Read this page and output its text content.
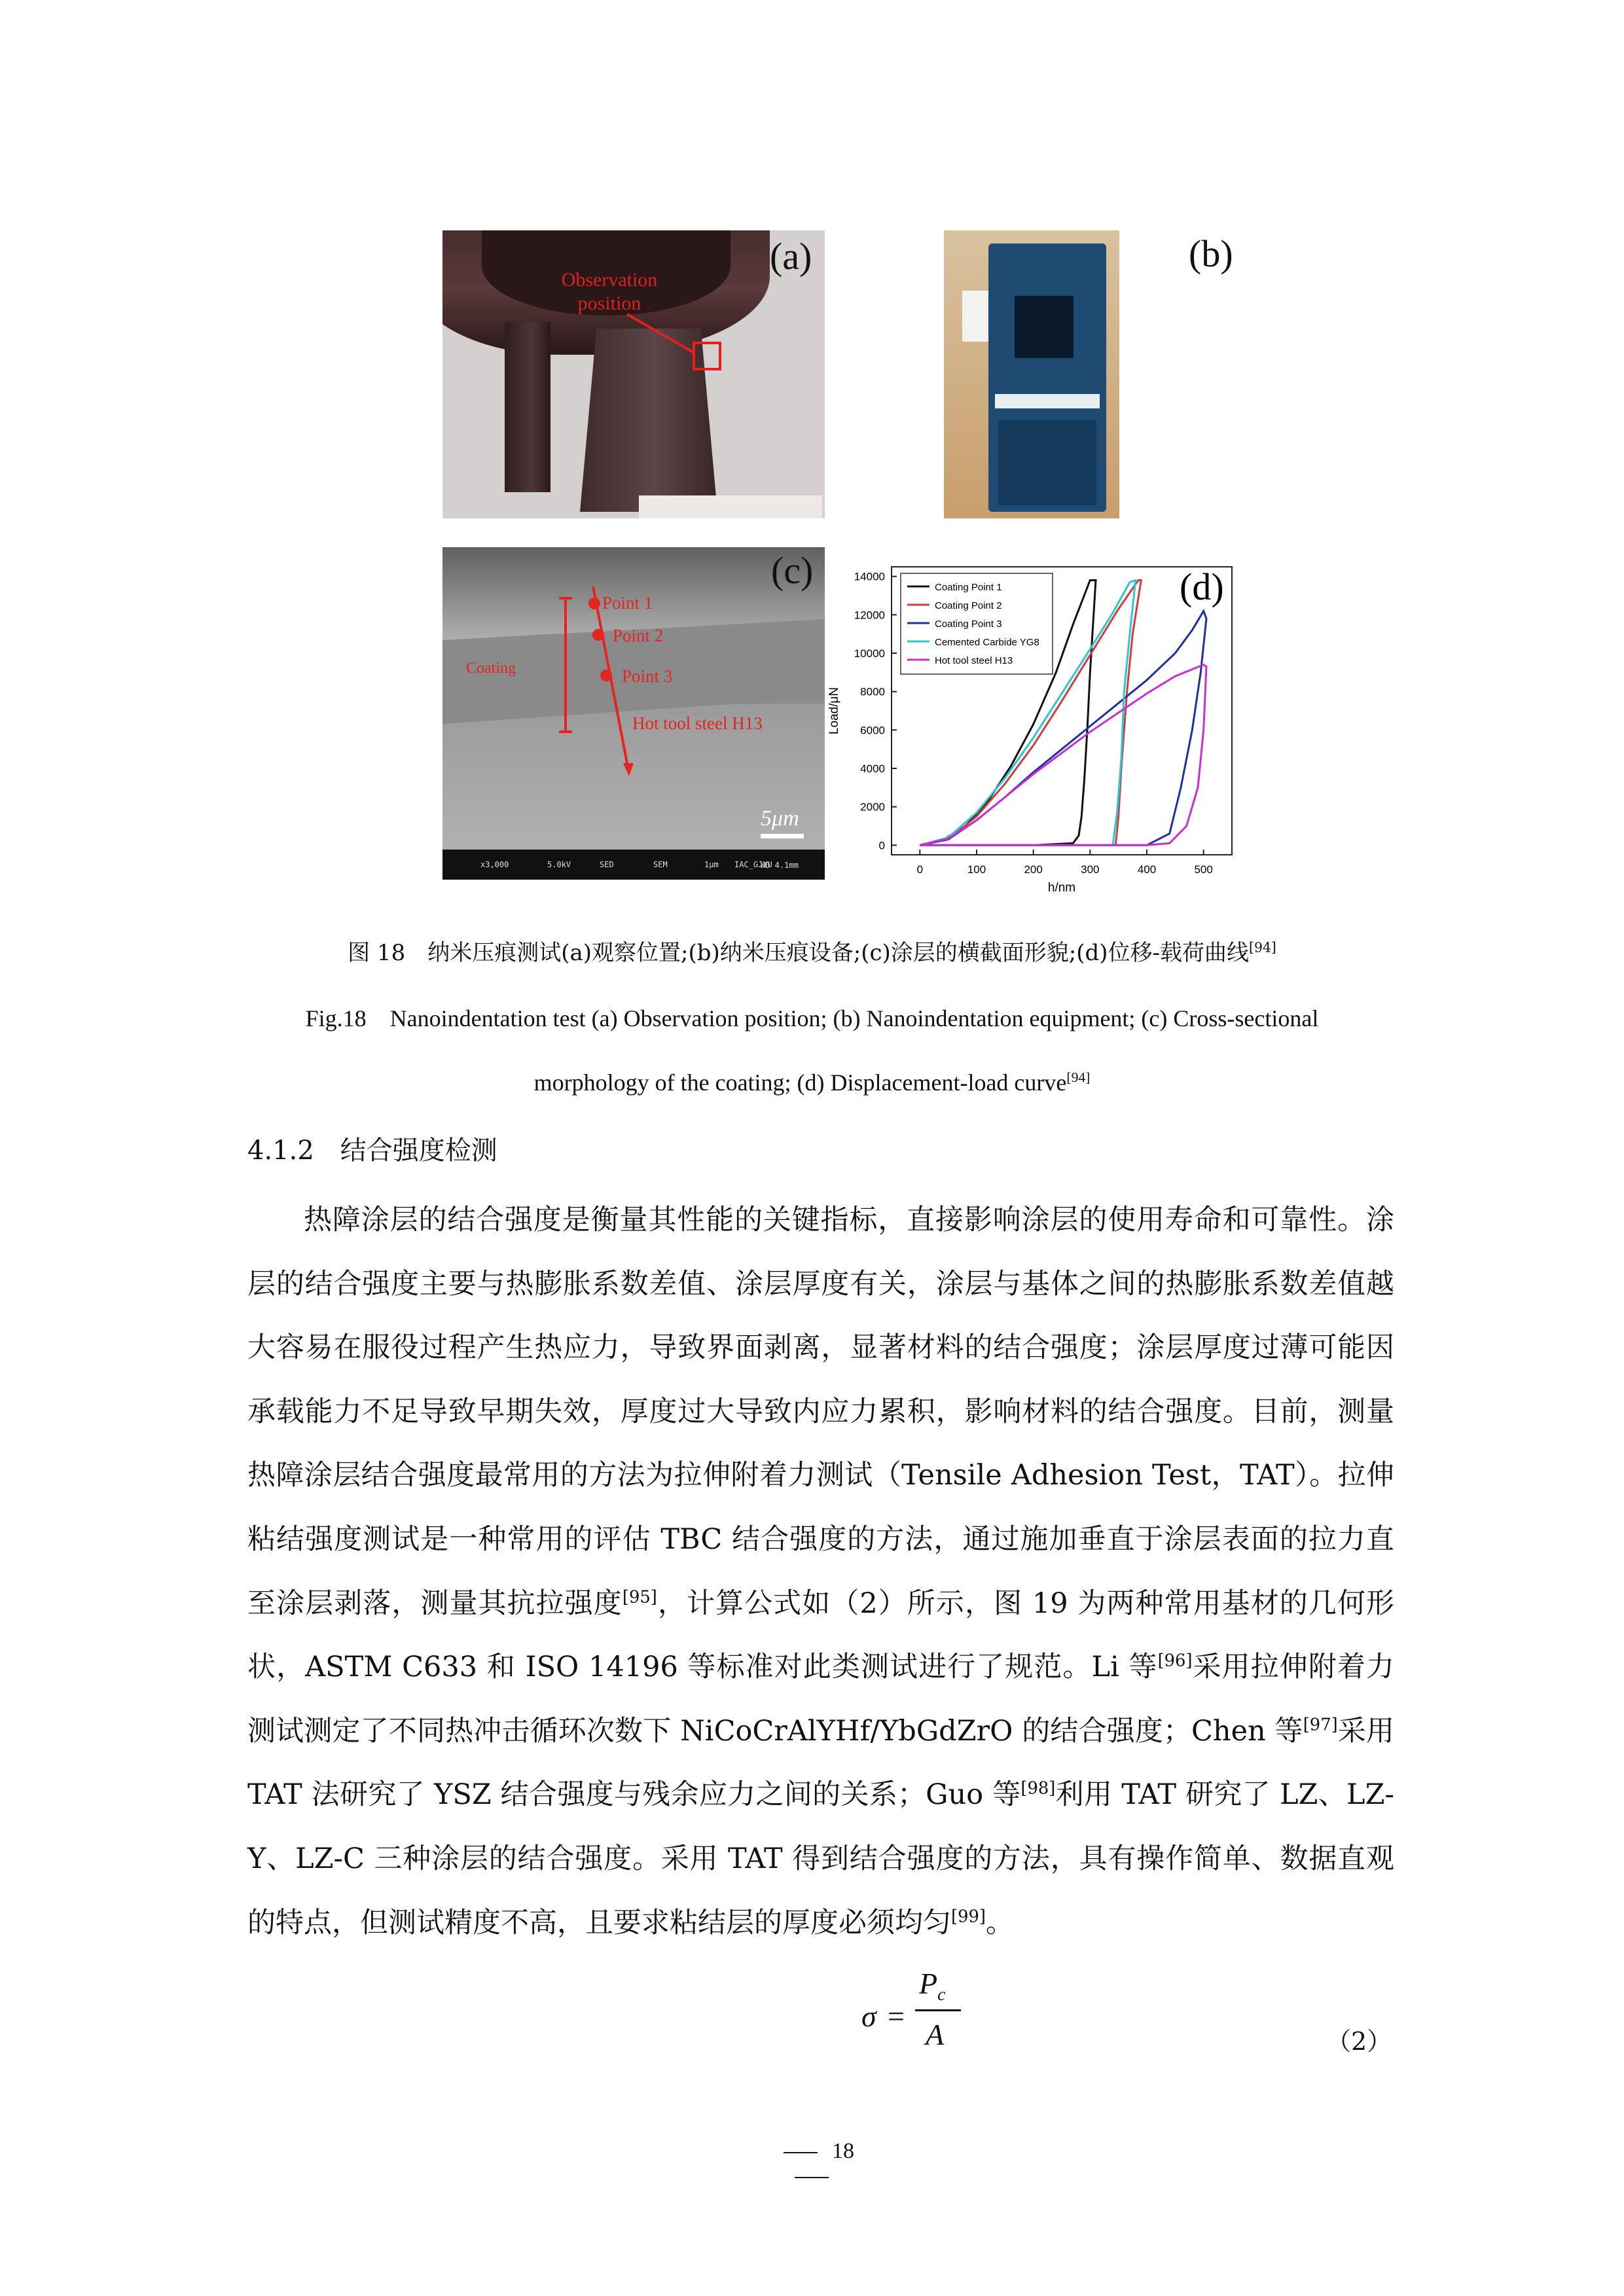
Observation position
(a)	(b)
Point 1
Point 2
Point 3
Hot tool steel H13
Coating
5μm
x3,000	5.0kV	SED	SEM	1μm IAC_GJYU
WD 4.1mm
(c)
0	100	200	300	400	500
0
2000
4000
6000
8000
10000
12000
14000
h/nm
Load/μN
Coating Point 1
Coating Point 2
Coating Point 3
Cemented Carbide YG8
Hot tool steel H13
(d)
图 18　纳米压痕测试(a)观察位置;(b)纳米压痕设备;(c)涂层的横截面形貌;(d)位移-载荷曲线[94]
Fig.18　Nanoindentation test (a) Observation position; (b) Nanoindentation equipment; (c) Cross-sectional
morphology of the coating; (d) Displacement-load curve[94]
4.1.2　结合强度检测
热障涂层的结合强度是衡量其性能的关键指标，直接影响涂层的使用寿命和可靠性。涂层的结合强度主要与热膨胀系数差值、涂层厚度有关，涂层与基体之间的热膨胀系数差值越大容易在服役过程产生热应力，导致界面剥离，显著材料的结合强度；涂层厚度过薄可能因承载能力不足导致早期失效，厚度过大导致内应力累积，影响材料的结合强度。目前，测量热障涂层结合强度最常用的方法为拉伸附着力测试（Tensile Adhesion Test，TAT）。拉伸粘结强度测试是一种常用的评估 TBC 结合强度的方法，通过施加垂直于涂层表面的拉力直至涂层剥落，测量其抗拉强度[95]，计算公式如（2）所示，图 19 为两种常用基材的几何形状，ASTM C633 和 ISO 14196 等标准对此类测试进行了规范。Li 等[96]采用拉伸附着力测试测定了不同热冲击循环次数下 NiCoCrAlYHf/YbGdZrO 的结合强度；Chen 等[97]采用 TAT 法研究了 YSZ 结合强度与残余应力之间的关系；Guo 等[98]利用 TAT 研究了 LZ、LZ-Y、LZ-C 三种涂层的结合强度。采用 TAT 得到结合强度的方法，具有操作简单、数据直观的特点，但测试精度不高，且要求粘结层的厚度必须均匀[99]。
σ =
$P_c$
A	（2）
18
